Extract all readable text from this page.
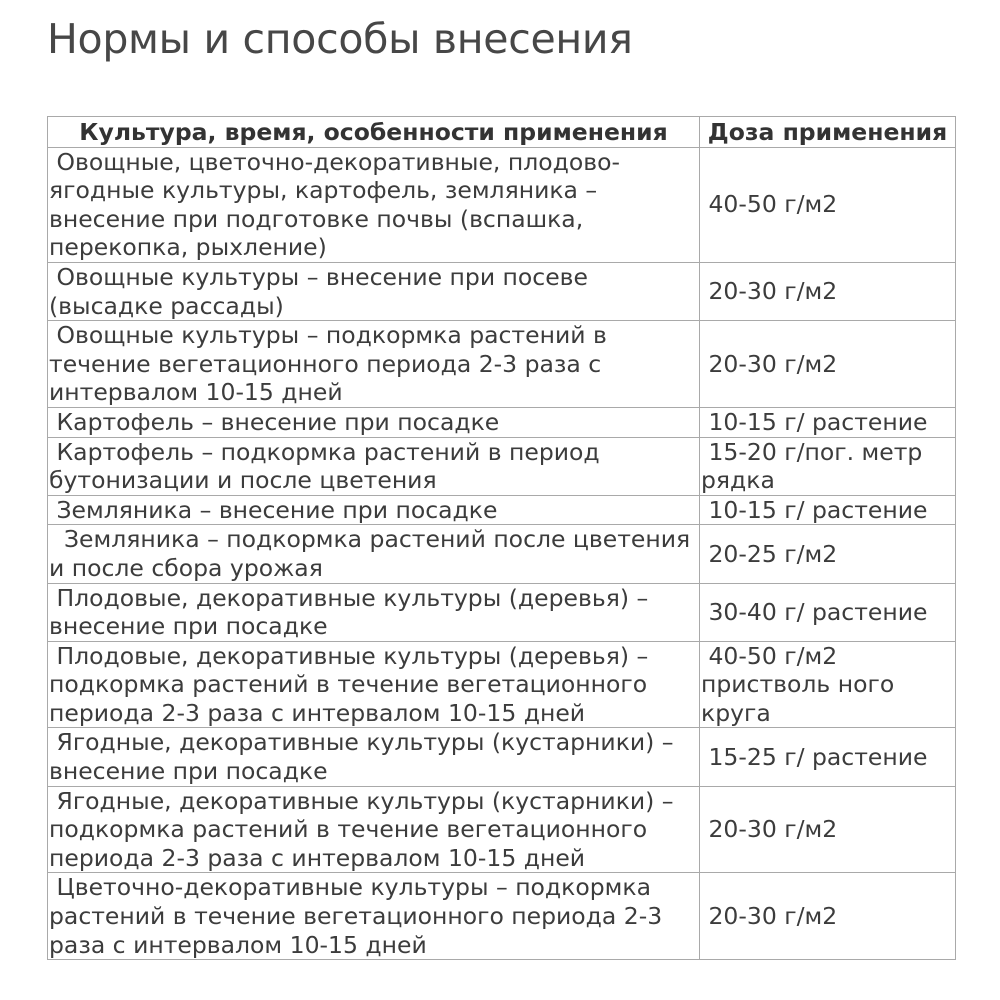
Нормы и способы внесения
Культура, время, особенности применения	Доза применения
Овощные, цветочно-декоративные, плодово-ягодные культуры, картофель, земляника – внесение при подготовке почвы (вспашка, перекопка, рыхление)	40-50 г/м2
Овощные культуры – внесение при посеве (высадке рассады)	20-30 г/м2
Овощные культуры – подкормка растений в течение вегетационного периода 2-3 раза с интервалом 10-15 дней	20-30 г/м2
Картофель – внесение при посадке	10-15 г/ растение
Картофель – подкормка растений в период бутонизации и после цветения	15-20 г/пог. метр рядка
Земляника – внесение при посадке	10-15 г/ растение
Земляника – подкормка растений после цветения и после сбора урожая	20-25 г/м2
Плодовые, декоративные культуры (деревья) – внесение при посадке	30-40 г/ растение
Плодовые, декоративные культуры (деревья) – подкормка растений в течение вегетационного периода 2-3 раза с интервалом 10-15 дней	40-50 г/м2 пристволь ного круга
Ягодные, декоративные культуры (кустарники) – внесение при посадке	15-25 г/ растение
Ягодные, декоративные культуры (кустарники) – подкормка растений в течение вегетационного периода 2-3 раза с интервалом 10-15 дней	20-30 г/м2
Цветочно-декоративные культуры – подкормка растений в течение вегетационного периода 2-3 раза с интервалом 10-15 дней	20-30 г/м2
